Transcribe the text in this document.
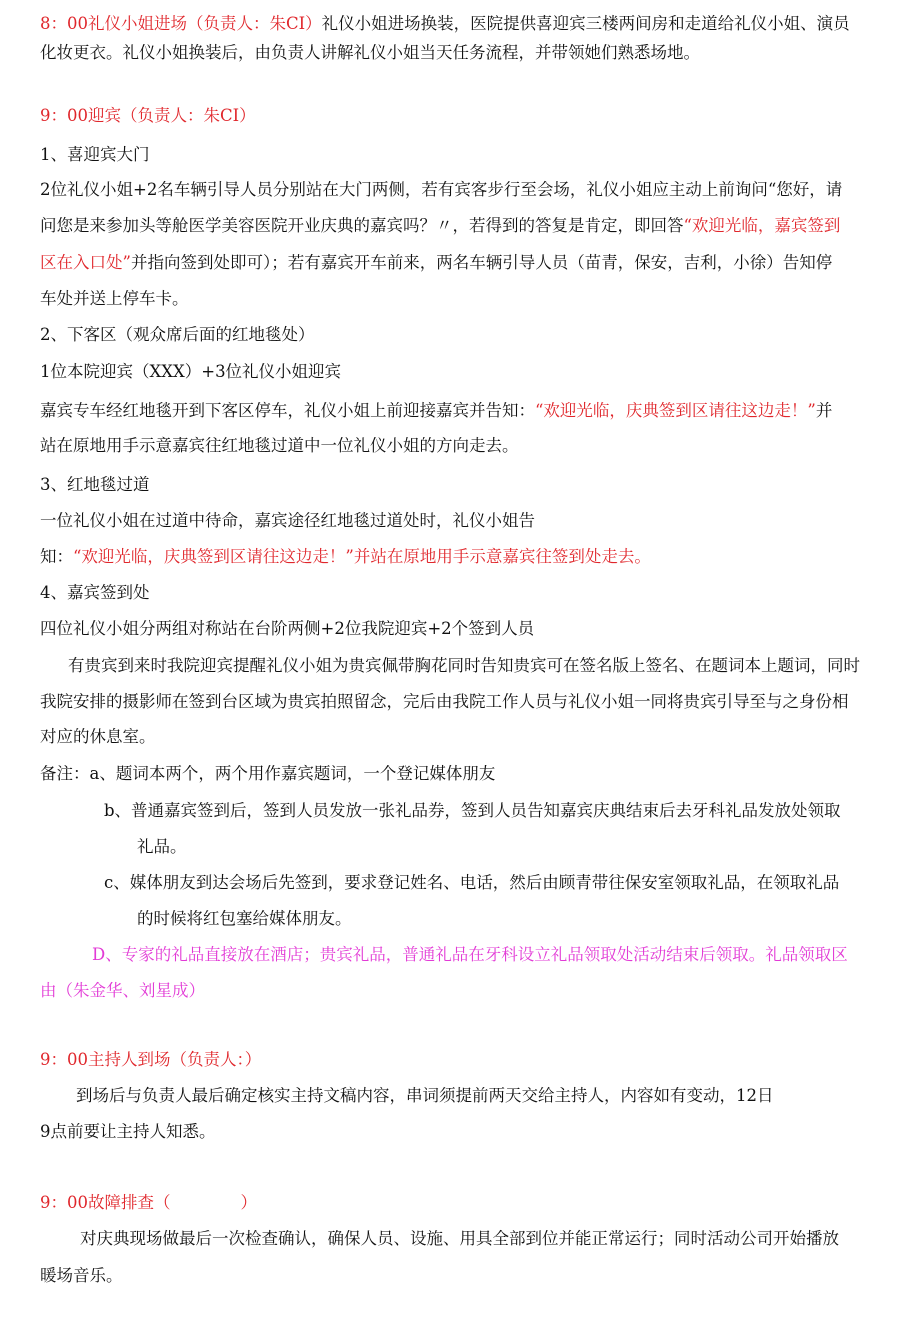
8：00礼仪小姐进场（负责人：朱CI）礼仪小姐进场换装，医院提供喜迎宾三楼两间房和走道给礼仪小姐、演员
化妆更衣。礼仪小姐换装后，由负责人讲解礼仪小姐当天任务流程，并带领她们熟悉场地。
9：00迎宾（负责人：朱CI）
1、喜迎宾大门
2位礼仪小姐+2名车辆引导人员分别站在大门两侧，若有宾客步行至会场，礼仪小姐应主动上前询问“您好，请
问您是来参加头等舱医学美容医院开业庆典的嘉宾吗？〃，若得到的答复是肯定，即回答“欢迎光临，嘉宾签到
区在入口处”并指向签到处即可）；若有嘉宾开车前来，两名车辆引导人员（苗青，保安，吉利，小徐）告知停
车处并送上停车卡。
2、下客区（观众席后面的红地毯处）
1位本院迎宾（XXX）+3位礼仪小姐迎宾
嘉宾专车经红地毯开到下客区停车，礼仪小姐上前迎接嘉宾并告知：“欢迎光临，庆典签到区请往这边走！”并
站在原地用手示意嘉宾往红地毯过道中一位礼仪小姐的方向走去。
3、红地毯过道
一位礼仪小姐在过道中待命，嘉宾途径红地毯过道处时，礼仪小姐告
知：“欢迎光临，庆典签到区请往这边走！”并站在原地用手示意嘉宾往签到处走去。
4、嘉宾签到处
四位礼仪小姐分两组对称站在台阶两侧+2位我院迎宾+2个签到人员
有贵宾到来时我院迎宾提醒礼仪小姐为贵宾佩带胸花同时告知贵宾可在签名版上签名、在题词本上题词，同时
我院安排的摄影师在签到台区域为贵宾拍照留念，完后由我院工作人员与礼仪小姐一同将贵宾引导至与之身份相
对应的休息室。
备注：a、题词本两个，两个用作嘉宾题词，一个登记媒体朋友
b、普通嘉宾签到后，签到人员发放一张礼品券，签到人员告知嘉宾庆典结束后去牙科礼品发放处领取
礼品。
c、媒体朋友到达会场后先签到，要求登记姓名、电话，然后由顾青带往保安室领取礼品，在领取礼品
的时候将红包塞给媒体朋友。
D、专家的礼品直接放在酒店；贵宾礼品，普通礼品在牙科设立礼品领取处活动结束后领取。礼品领取区
由（朱金华、刘星成）
9：00主持人到场（负责人：）
到场后与负责人最后确定核实主持文稿内容，串词须提前两天交给主持人，内容如有变动，12日
9点前要让主持人知悉。
9：00故障排查（	）
对庆典现场做最后一次检查确认，确保人员、设施、用具全部到位并能正常运行；同时活动公司开始播放
暖场音乐。
